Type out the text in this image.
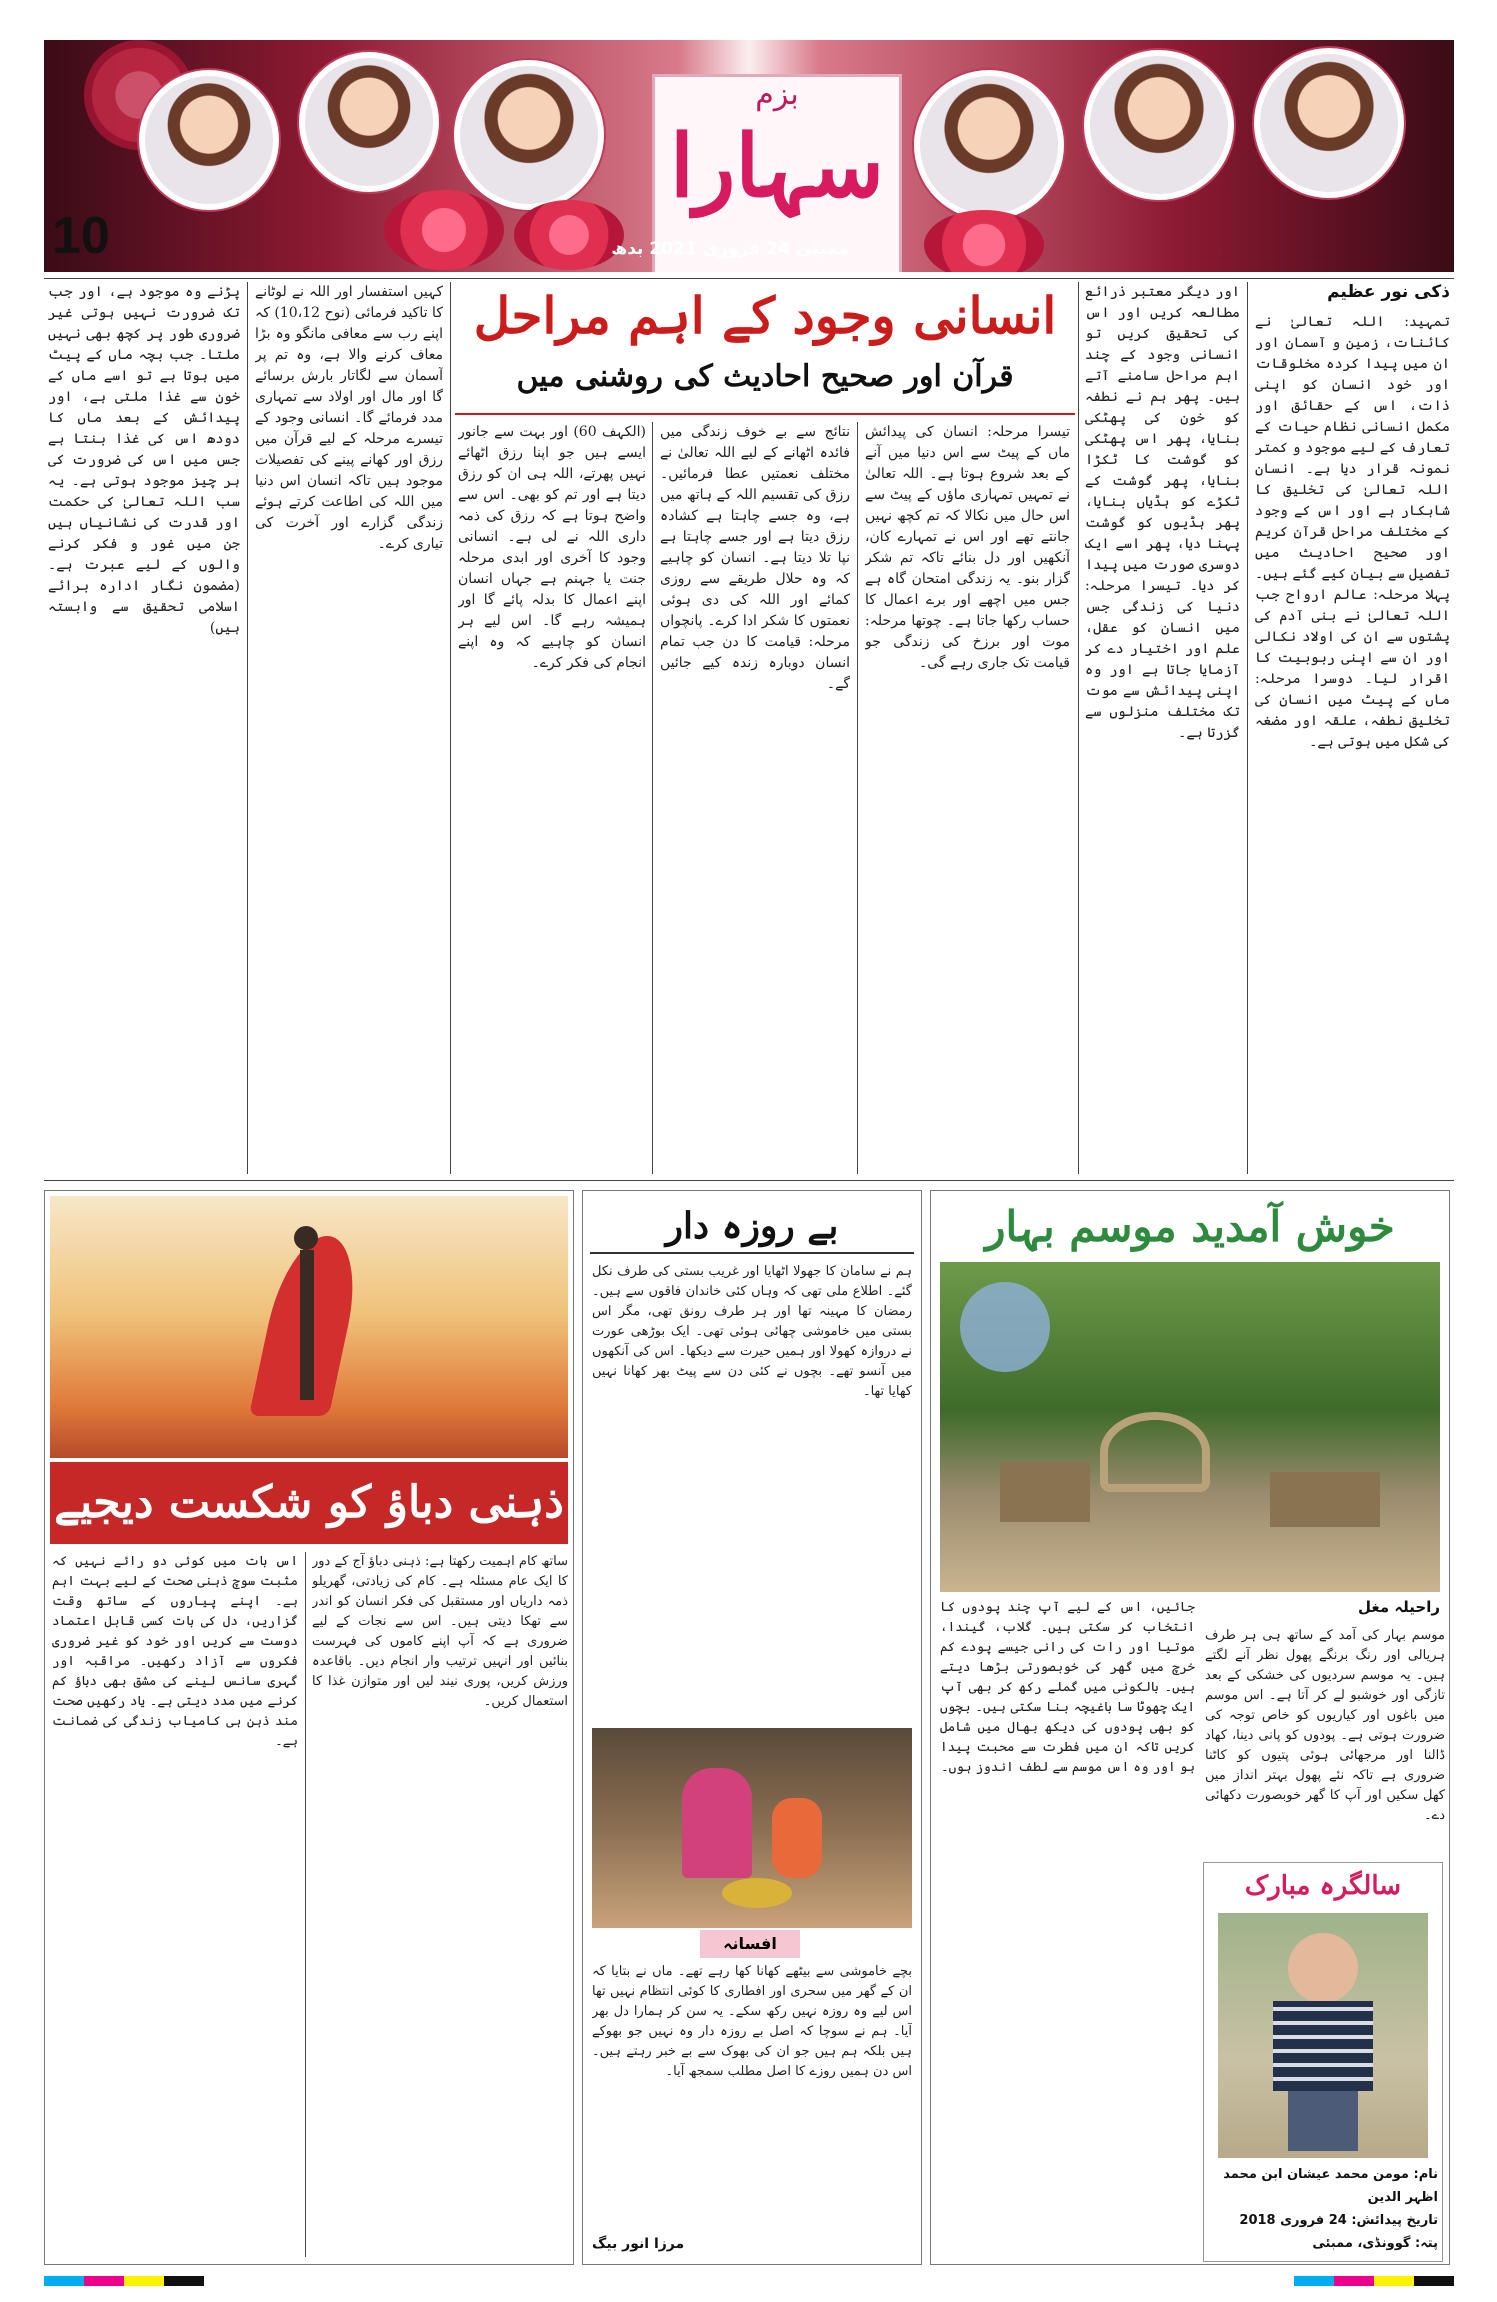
بزم
سہارا
ممبئی 24 فروری 2021 بدھ
10
ذکی نور عظیم
انسانی وجود کے اہم مراحل
قرآن اور صحیح احادیث کی روشنی میں
تمہید: اللہ تعالیٰ نے کائنات، زمین و آسمان اور ان میں پیدا کردہ مخلوقات اور خود انسان کو اپنی ذات، اس کے حقائق اور مکمل انسانی نظام حیات کے تعارف کے لیے موجود و کمتر نمونہ قرار دیا ہے۔ انسان اللہ تعالیٰ کی تخلیق کا شاہکار ہے اور اس کے وجود کے مختلف مراحل قرآن کریم اور صحیح احادیث میں تفصیل سے بیان کیے گئے ہیں۔ پہلا مرحلہ: عالم ارواح جب اللہ تعالیٰ نے بنی آدم کی پشتوں سے ان کی اولاد نکالی اور ان سے اپنی ربوبیت کا اقرار لیا۔ دوسرا مرحلہ: ماں کے پیٹ میں انسان کی تخلیق نطفہ، علقہ اور مضغہ کی شکل میں ہوتی ہے۔
اور دیگر معتبر ذرائع مطالعہ کریں اور اس کی تحقیق کریں تو انسانی وجود کے چند اہم مراحل سامنے آتے ہیں۔ پھر ہم نے نطفہ کو خون کی پھٹکی بنایا، پھر اس پھٹکی کو گوشت کا ٹکڑا بنایا، پھر گوشت کے ٹکڑے کو ہڈیاں بنایا، پھر ہڈیوں کو گوشت پہنا دیا، پھر اسے ایک دوسری صورت میں پیدا کر دیا۔ تیسرا مرحلہ: دنیا کی زندگی جس میں انسان کو عقل، علم اور اختیار دے کر آزمایا جاتا ہے اور وہ اپنی پیدائش سے موت تک مختلف منزلوں سے گزرتا ہے۔
تیسرا مرحلہ: انسان کی پیدائش ماں کے پیٹ سے اس دنیا میں آنے کے بعد شروع ہوتا ہے۔ اللہ تعالیٰ نے تمہیں تمہاری ماؤں کے پیٹ سے اس حال میں نکالا کہ تم کچھ نہیں جانتے تھے اور اس نے تمہارے کان، آنکھیں اور دل بنائے تاکہ تم شکر گزار بنو۔ یہ زندگی امتحان گاہ ہے جس میں اچھے اور برے اعمال کا حساب رکھا جاتا ہے۔ چوتھا مرحلہ: موت اور برزخ کی زندگی جو قیامت تک جاری رہے گی۔
نتائج سے بے خوف زندگی میں فائدہ اٹھانے کے لیے اللہ تعالیٰ نے مختلف نعمتیں عطا فرمائیں۔ رزق کی تقسیم اللہ کے ہاتھ میں ہے، وہ جسے چاہتا ہے کشادہ رزق دیتا ہے اور جسے چاہتا ہے نپا تلا دیتا ہے۔ انسان کو چاہیے کہ وہ حلال طریقے سے روزی کمائے اور اللہ کی دی ہوئی نعمتوں کا شکر ادا کرے۔ پانچواں مرحلہ: قیامت کا دن جب تمام انسان دوبارہ زندہ کیے جائیں گے۔
(الکہف 60) اور بہت سے جانور ایسے ہیں جو اپنا رزق اٹھائے نہیں پھرتے، اللہ ہی ان کو رزق دیتا ہے اور تم کو بھی۔ اس سے واضح ہوتا ہے کہ رزق کی ذمہ داری اللہ نے لی ہے۔ انسانی وجود کا آخری اور ابدی مرحلہ جنت یا جہنم ہے جہاں انسان اپنے اعمال کا بدلہ پائے گا اور ہمیشہ رہے گا۔ اس لیے ہر انسان کو چاہیے کہ وہ اپنے انجام کی فکر کرے۔
کہیں استفسار اور اللہ نے لوٹانے کا تاکید فرمائی (نوح 10،12) کہ اپنے رب سے معافی مانگو وہ بڑا معاف کرنے والا ہے، وہ تم پر آسمان سے لگاتار بارش برسائے گا اور مال اور اولاد سے تمہاری مدد فرمائے گا۔ انسانی وجود کے تیسرے مرحلہ کے لیے قرآن میں رزق اور کھانے پینے کی تفصیلات موجود ہیں تاکہ انسان اس دنیا میں اللہ کی اطاعت کرتے ہوئے زندگی گزارے اور آخرت کی تیاری کرے۔
پڑنے وہ موجود ہے، اور جب تک ضرورت نہیں ہوتی غیر ضروری طور پر کچھ بھی نہیں ملتا۔ جب بچہ ماں کے پیٹ میں ہوتا ہے تو اسے ماں کے خون سے غذا ملتی ہے، اور پیدائش کے بعد ماں کا دودھ اس کی غذا بنتا ہے جس میں اس کی ضرورت کی ہر چیز موجود ہوتی ہے۔ یہ سب اللہ تعالیٰ کی حکمت اور قدرت کی نشانیاں ہیں جن میں غور و فکر کرنے والوں کے لیے عبرت ہے۔ (مضمون نگار ادارہ برائے اسلامی تحقیق سے وابستہ ہیں)
خوش آمدید موسم بہار
راحیلہ مغل
موسم بہار کی آمد کے ساتھ ہی ہر طرف ہریالی اور رنگ برنگے پھول نظر آنے لگتے ہیں۔ یہ موسم سردیوں کی خشکی کے بعد تازگی اور خوشبو لے کر آتا ہے۔ اس موسم میں باغوں اور کیاریوں کو خاص توجہ کی ضرورت ہوتی ہے۔ پودوں کو پانی دینا، کھاد ڈالنا اور مرجھائی ہوئی پتیوں کو کاٹنا ضروری ہے تاکہ نئے پھول بہتر انداز میں کھل سکیں اور آپ کا گھر خوبصورت دکھائی دے۔
جائیں، اس کے لیے آپ چند پودوں کا انتخاب کر سکتی ہیں۔ گلاب، گیندا، موتیا اور رات کی رانی جیسے پودے کم خرچ میں گھر کی خوبصورتی بڑھا دیتے ہیں۔ بالکونی میں گملے رکھ کر بھی آپ ایک چھوٹا سا باغیچہ بنا سکتی ہیں۔ بچوں کو بھی پودوں کی دیکھ بھال میں شامل کریں تاکہ ان میں فطرت سے محبت پیدا ہو اور وہ اس موسم سے لطف اندوز ہوں۔
سالگرہ مبارک
نام: مومن محمد عیشان ابن محمد اظہر الدین
تاریخ پیدائش: 24 فروری 2018
پتہ: گوونڈی، ممبئی
بے روزہ دار
ہم نے سامان کا جھولا اٹھایا اور غریب بستی کی طرف نکل گئے۔ اطلاع ملی تھی کہ وہاں کئی خاندان فاقوں سے ہیں۔ رمضان کا مہینہ تھا اور ہر طرف رونق تھی، مگر اس بستی میں خاموشی چھائی ہوئی تھی۔ ایک بوڑھی عورت نے دروازہ کھولا اور ہمیں حیرت سے دیکھا۔ اس کی آنکھوں میں آنسو تھے۔ بچوں نے کئی دن سے پیٹ بھر کھانا نہیں کھایا تھا۔
افسانہ
بچے خاموشی سے بیٹھے کھانا کھا رہے تھے۔ ماں نے بتایا کہ ان کے گھر میں سحری اور افطاری کا کوئی انتظام نہیں تھا اس لیے وہ روزہ نہیں رکھ سکے۔ یہ سن کر ہمارا دل بھر آیا۔ ہم نے سوچا کہ اصل بے روزہ دار وہ نہیں جو بھوکے ہیں بلکہ ہم ہیں جو ان کی بھوک سے بے خبر رہتے ہیں۔ اس دن ہمیں روزے کا اصل مطلب سمجھ آیا۔
مرزا انور بیگ
ذہنی دباؤ کو شکست دیجیے
ساتھ کام اہمیت رکھتا ہے: ذہنی دباؤ آج کے دور کا ایک عام مسئلہ ہے۔ کام کی زیادتی، گھریلو ذمہ داریاں اور مستقبل کی فکر انسان کو اندر سے تھکا دیتی ہیں۔ اس سے نجات کے لیے ضروری ہے کہ آپ اپنے کاموں کی فہرست بنائیں اور انہیں ترتیب وار انجام دیں۔ باقاعدہ ورزش کریں، پوری نیند لیں اور متوازن غذا کا استعمال کریں۔
اس بات میں کوئی دو رائے نہیں کہ مثبت سوچ ذہنی صحت کے لیے بہت اہم ہے۔ اپنے پیاروں کے ساتھ وقت گزاریں، دل کی بات کسی قابل اعتماد دوست سے کریں اور خود کو غیر ضروری فکروں سے آزاد رکھیں۔ مراقبہ اور گہری سانس لینے کی مشق بھی دباؤ کم کرنے میں مدد دیتی ہے۔ یاد رکھیں صحت مند ذہن ہی کامیاب زندگی کی ضمانت ہے۔
